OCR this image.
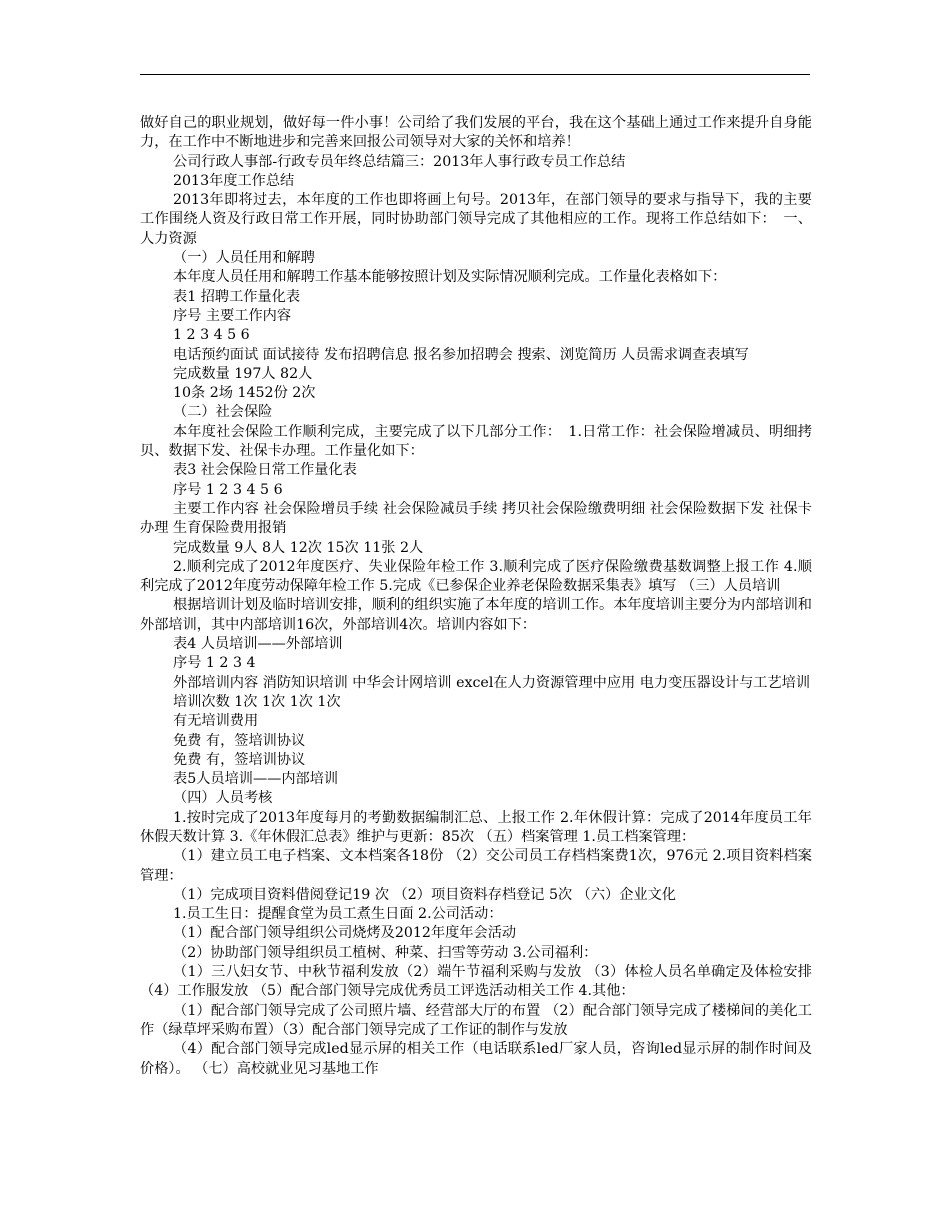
做好自己的职业规划，做好每一件小事！公司给了我们发展的平台，我在这个基础上通过工作来提升自身能力，在工作中不断地进步和完善来回报公司领导对大家的关怀和培养！

公司行政人事部-行政专员年终总结篇三：2013年人事行政专员工作总结

2013年度工作总结

2013年即将过去，本年度的工作也即将画上句号。2013年，在部门领导的要求与指导下，我的主要工作围绕人资及行政日常工作开展，同时协助部门领导完成了其他相应的工作。现将工作总结如下：　一、人力资源

（一）人员任用和解聘

本年度人员任用和解聘工作基本能够按照计划及实际情况顺利完成。工作量化表格如下：

表1 招聘工作量化表

序号 主要工作内容

1 2 3 4 5 6

电话预约面试 面试接待 发布招聘信息 报名参加招聘会 搜索、浏览简历 人员需求调查表填写

完成数量 197人 82人

10条 2场 1452份 2次

（二）社会保险

本年度社会保险工作顺利完成，主要完成了以下几部分工作：　1.日常工作：社会保险增减员、明细拷贝、数据下发、社保卡办理。工作量化如下：

表3 社会保险日常工作量化表

序号 1 2 3 4 5 6

主要工作内容 社会保险增员手续 社会保险减员手续 拷贝社会保险缴费明细 社会保险数据下发 社保卡办理 生育保险费用报销

完成数量 9人 8人 12次 15次 11张 2人

2.顺利完成了2012年度医疗、失业保险年检工作 3.顺利完成了医疗保险缴费基数调整上报工作 4.顺利完成了2012年度劳动保障年检工作 5.完成《已参保企业养老保险数据采集表》填写 （三）人员培训

根据培训计划及临时培训安排，顺利的组织实施了本年度的培训工作。本年度培训主要分为内部培训和外部培训，其中内部培训16次，外部培训4次。培训内容如下：

表4 人员培训——外部培训

序号 1 2 3 4

外部培训内容 消防知识培训 中华会计网培训 excel在人力资源管理中应用 电力变压器设计与工艺培训

培训次数 1次 1次 1次 1次

有无培训费用

免费 有，签培训协议

免费 有，签培训协议

表5人员培训——内部培训

（四）人员考核

1.按时完成了2013年度每月的考勤数据编制汇总、上报工作 2.年休假计算：完成了2014年度员工年休假天数计算 3.《年休假汇总表》维护与更新：85次 （五）档案管理 1.员工档案管理：

（1）建立员工电子档案、文本档案各18份 （2）交公司员工存档档案费1次，976元 2.项目资料档案管理：

（1）完成项目资料借阅登记19 次 （2）项目资料存档登记 5次 （六）企业文化

1.员工生日：提醒食堂为员工煮生日面 2.公司活动：

（1）配合部门领导组织公司烧烤及2012年度年会活动

（2）协助部门领导组织员工植树、种菜、扫雪等劳动 3.公司福利：

（1）三八妇女节、中秋节福利发放（2）端午节福利采购与发放 （3）体检人员名单确定及体检安排（4）工作服发放 （5）配合部门领导完成优秀员工评选活动相关工作 4.其他：

（1）配合部门领导完成了公司照片墙、经营部大厅的布置 （2）配合部门领导完成了楼梯间的美化工作（绿草坪采购布置）（3）配合部门领导完成了工作证的制作与发放

（4）配合部门领导完成led显示屏的相关工作（电话联系led厂家人员，咨询led显示屏的制作时间及价格）。 （七）高校就业见习基地工作
